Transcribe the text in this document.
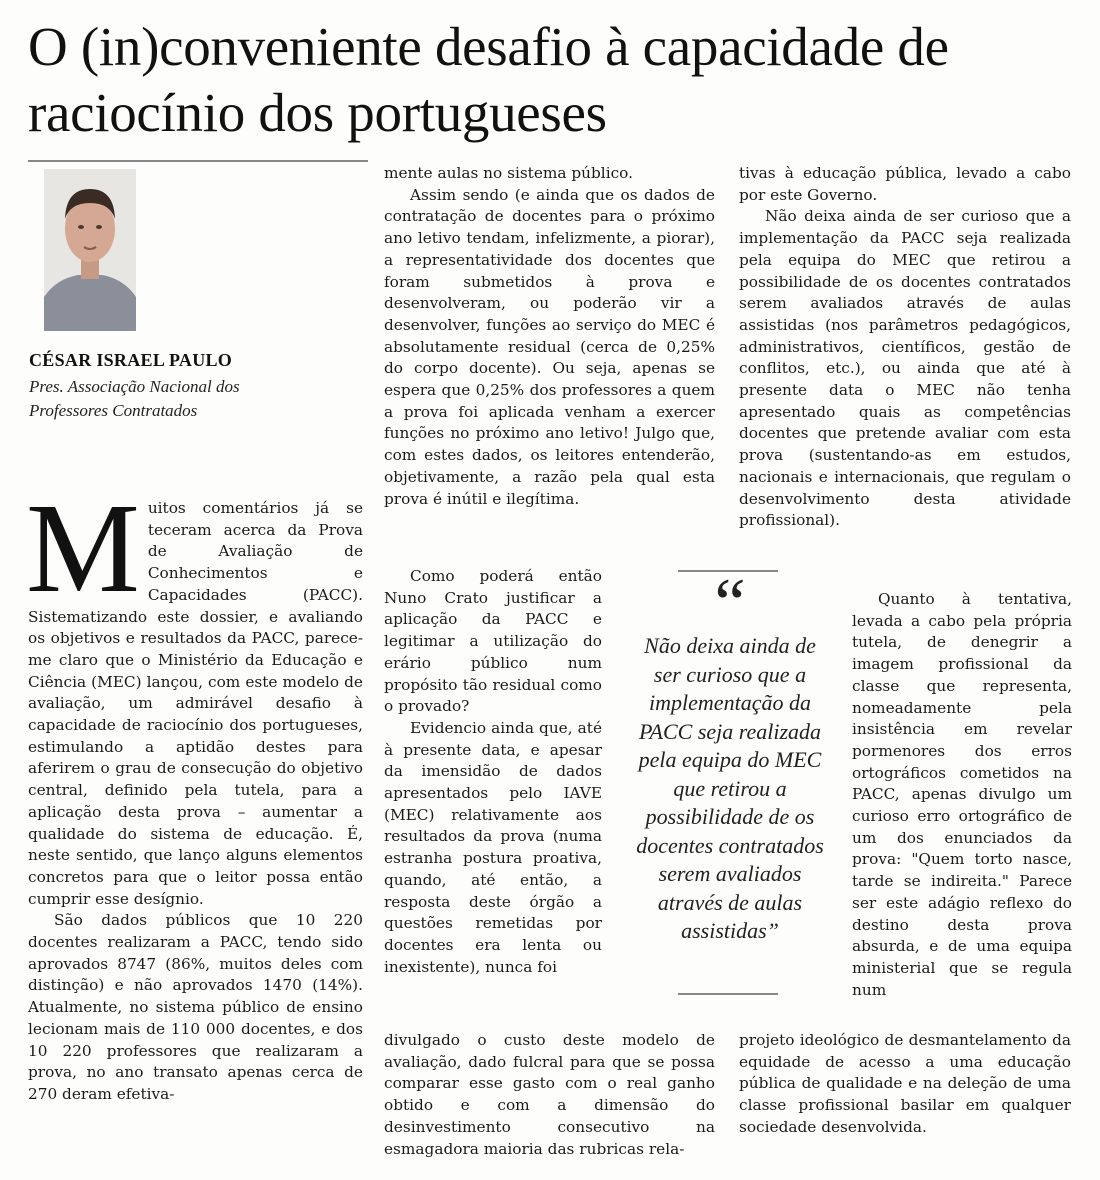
O (in)conveniente desafio à capacidade de raciocínio dos portugueses
CÉSAR ISRAEL PAULO
Pres. Associação Nacional dos Professores Contratados

Muitos comentários já se teceram acerca da Prova de Avaliação de Conhecimentos e Capacidades (PACC). Sistematizando este dossier, e avaliando os objetivos e resultados da PACC, parece-me claro que o Ministério da Educação e Ciência (MEC) lançou, com este modelo de avaliação, um admirável desafio à capacidade de raciocínio dos portugueses, estimulando a aptidão destes para aferirem o grau de consecução do objetivo central, definido pela tutela, para a aplicação desta prova – aumentar a qualidade do sistema de educação. É, neste sentido, que lanço alguns elementos concretos para que o leitor possa então cumprir esse desígnio.

São dados públicos que 10 220 docentes realizaram a PACC, tendo sido aprovados 8747 (86%, muitos deles com distinção) e não aprovados 1470 (14%). Atualmente, no sistema público de ensino lecionam mais de 110 000 docentes, e dos 10 220 professores que realizaram a prova, no ano transato apenas cerca de 270 deram efetiva-

mente aulas no sistema público.

Assim sendo (e ainda que os dados de contratação de docentes para o próximo ano letivo tendam, infelizmente, a piorar), a representatividade dos docentes que foram submetidos à prova e desenvolveram, ou poderão vir a desenvolver, funções ao serviço do MEC é absolutamente residual (cerca de 0,25% do corpo docente). Ou seja, apenas se espera que 0,25% dos professores a quem a prova foi aplicada venham a exercer funções no próximo ano letivo! Julgo que, com estes dados, os leitores entenderão, objetivamente, a razão pela qual esta prova é inútil e ilegítima.

Como poderá então Nuno Crato justificar a aplicação da PACC e legitimar a utilização do erário público num propósito tão residual como o provado?

Evidencio ainda que, até à presente data, e apesar da imensidão de dados apresentados pelo IAVE (MEC) relativamente aos resultados da prova (numa estranha postura proativa, quando, até então, a resposta deste órgão a questões remetidas por docentes era lenta ou inexistente), nunca foi

divulgado o custo deste modelo de avaliação, dado fulcral para que se possa comparar esse gasto com o real ganho obtido e com a dimensão do desinvestimento consecutivo na esmagadora maioria das rubricas rela-

tivas à educação pública, levado a cabo por este Governo.

Não deixa ainda de ser curioso que a implementação da PACC seja realizada pela equipa do MEC que retirou a possibilidade de os docentes contratados serem avaliados através de aulas assistidas (nos parâmetros pedagógicos, administrativos, científicos, gestão de conflitos, etc.), ou ainda que até à presente data o MEC não tenha apresentado quais as competências docentes que pretende avaliar com esta prova (sustentando-as em estudos, nacionais e internacionais, que regulam o desenvolvimento desta atividade profissional).

Quanto à tentativa, levada a cabo pela própria tutela, de denegrir a imagem profissional da classe que representa, nomeadamente pela insistência em revelar pormenores dos erros ortográficos cometidos na PACC, apenas divulgo um curioso erro ortográfico de um dos enunciados da prova: "Quem torto nasce, tarde se indireita." Parece ser este adágio reflexo do destino desta prova absurda, e de uma equipa ministerial que se regula num

projeto ideológico de desmantelamento da equidade de acesso a uma educação pública de qualidade e na deleção de uma classe profissional basilar em qualquer sociedade desenvolvida.

“
Não deixa ainda de ser curioso que a implementação da PACC seja realizada pela equipa do MEC que retirou a possibilidade de os docentes contratados serem avaliados através de aulas assistidas”
